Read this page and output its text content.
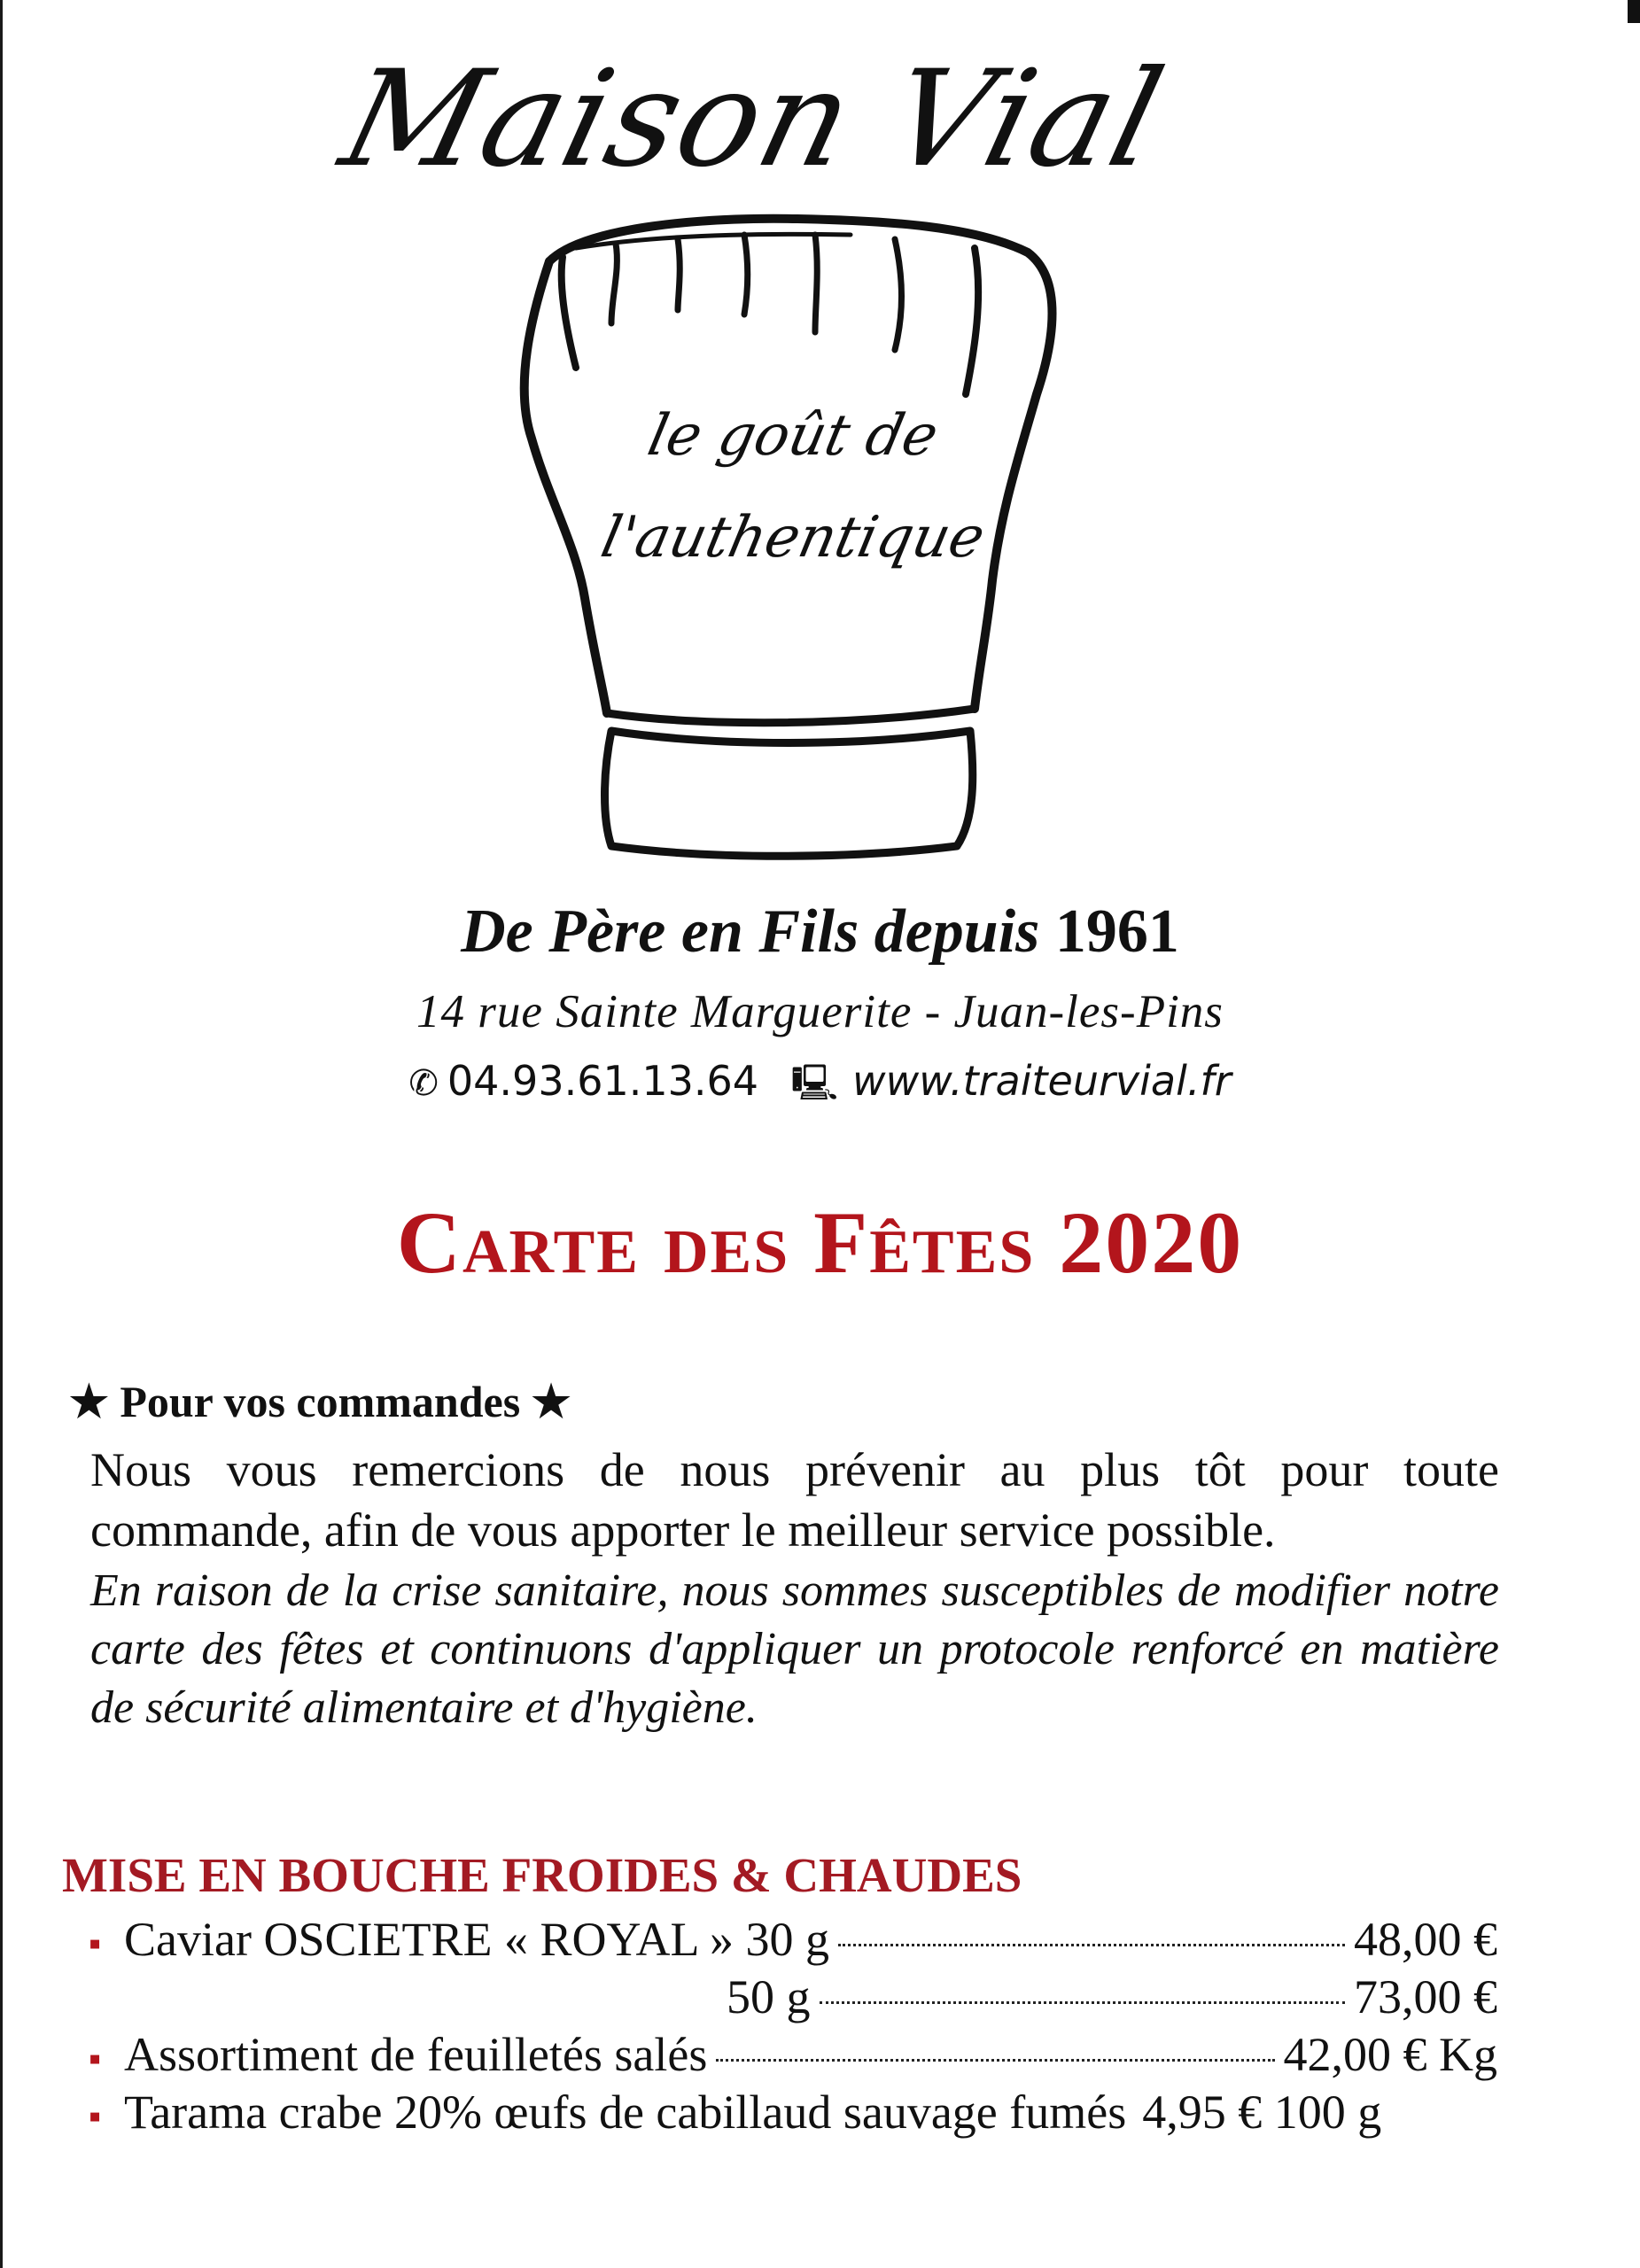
Maison Vial
le goût de
l'authentique
De Père en Fils depuis 1961
14 rue Sainte Marguerite - Juan-les-Pins
✆ 04.93.61.13.64 🖳 www.traiteurvial.fr
Carte des Fêtes 2020
★ Pour vos commandes ★
Nous vous remercions de nous prévenir au plus tôt pour toute commande, afin de vous apporter le meilleur service possible.
En raison de la crise sanitaire, nous sommes susceptibles de modifier notre carte des fêtes et continuons d'appliquer un protocole renforcé en matière de sécurité alimentaire et d'hygiène.
MISE EN BOUCHE FROIDES & CHAUDES
▪ Caviar OSCIETRE « ROYAL » 30 g	48,00 €
50 g	73,00 €
▪ Assortiment de feuilletés salés	42,00 € Kg
▪ Tarama crabe 20% œufs de cabillaud sauvage fumés 4,95 € 100 g
